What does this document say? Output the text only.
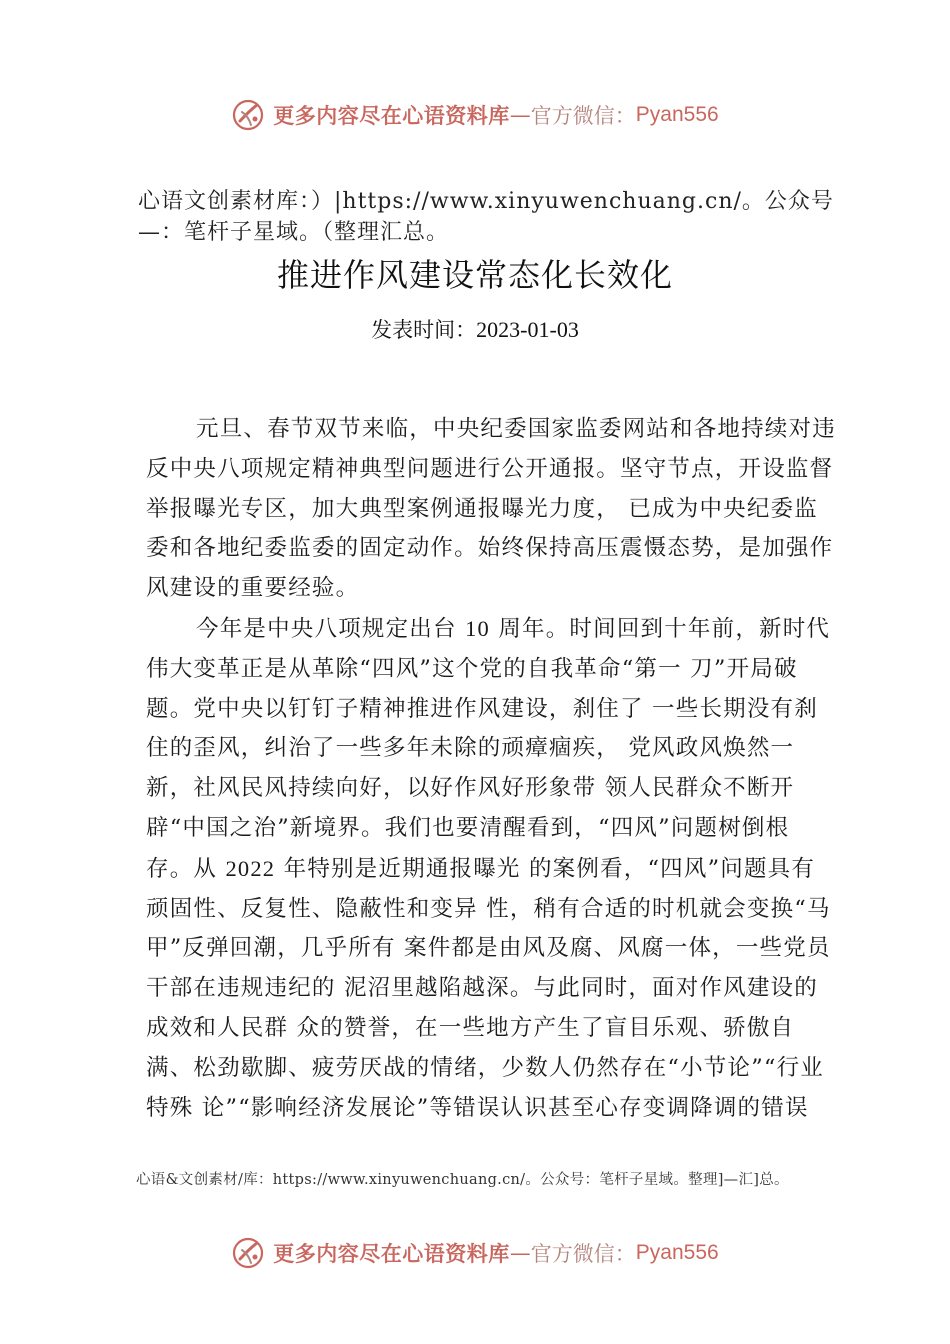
更多内容尽在心语资料库 — 官方微信： Pyan556
心语文创素材库：）|https://www.xinyuwenchuang.cn/。公众号—：笔杆子星域。（整理汇总。
推进作风建设常态化长效化
发表时间：2023-01-03

元旦、春节双节来临，中央纪委国家监委网站和各地持续对违反中央八项规定精神典型问题进行公开通报。坚守节点，开设监督举报曝光专区，加大典型案例通报曝光力度， 已成为中央纪委监委和各地纪委监委的固定动作。始终保持高压震慑态势，是加强作风建设的重要经验。

今年是中央八项规定出台 10 周年。时间回到十年前，新时代伟大变革正是从革除“四风”这个党的自我革命“第一 刀”开局破题。党中央以钉钉子精神推进作风建设，刹住了 一些长期没有刹住的歪风，纠治了一些多年未除的顽瘴痼疾， 党风政风焕然一新，社风民风持续向好，以好作风好形象带 领人民群众不断开辟“中国之治”新境界。我们也要清醒看到，“四风”问题树倒根存。从 2022 年特别是近期通报曝光 的案例看，“四风”问题具有顽固性、反复性、隐蔽性和变异 性，稍有合适的时机就会变换“马甲”反弹回潮，几乎所有 案件都是由风及腐、风腐一体，一些党员干部在违规违纪的 泥沼里越陷越深。与此同时，面对作风建设的成效和人民群 众的赞誉，在一些地方产生了盲目乐观、骄傲自满、松劲歇脚、疲劳厌战的情绪，少数人仍然存在“小节论”“行业特殊 论”“影响经济发展论”等错误认识甚至心存变调降调的错误

心语&文创素材/库：https://www.xinyuwenchuang.cn/。公众号：笔杆子星域。整理]—汇]总。
更多内容尽在心语资料库 — 官方微信： Pyan556
